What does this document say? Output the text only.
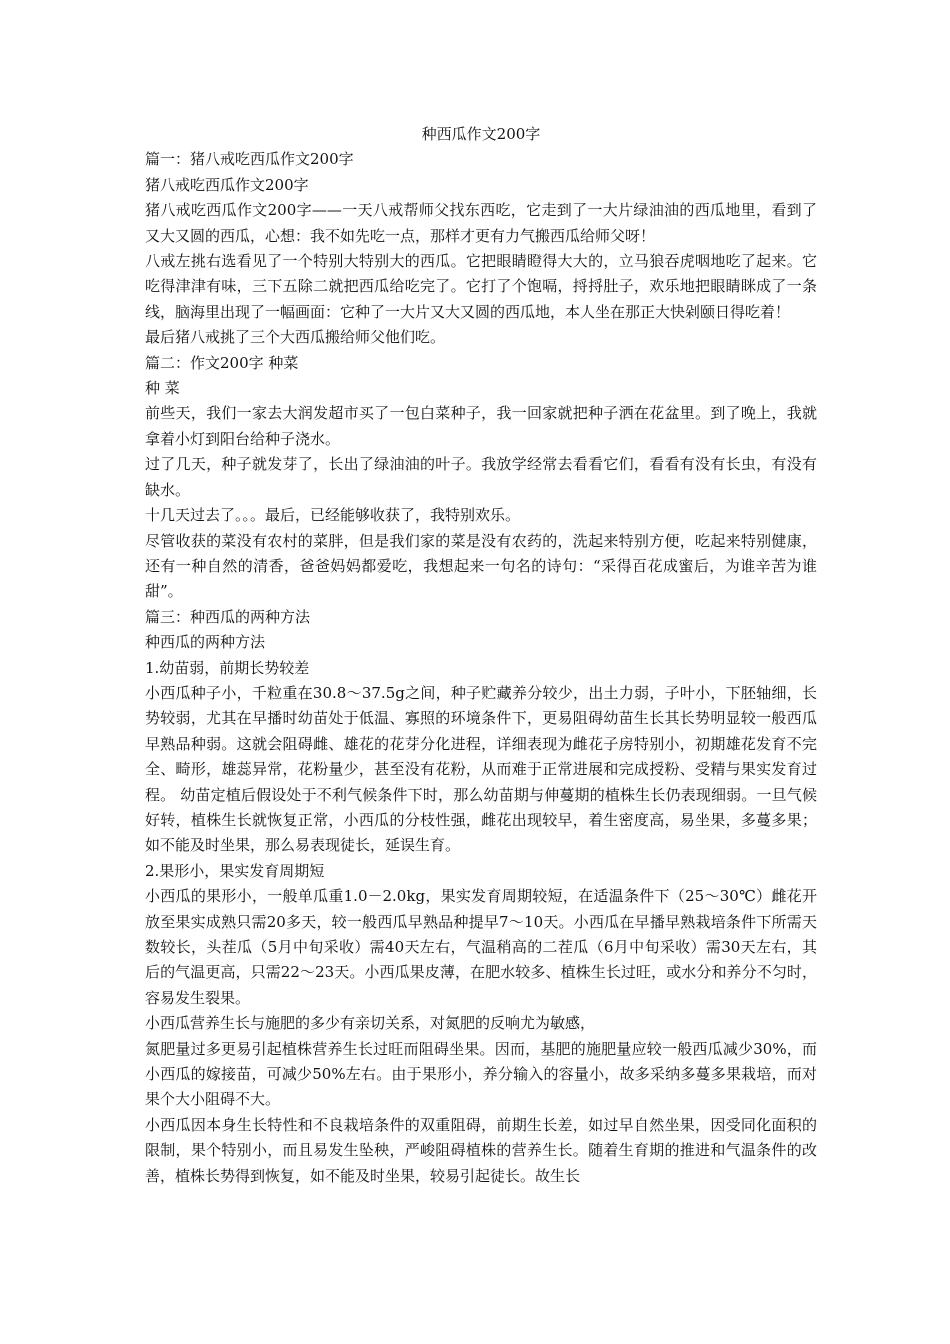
种西瓜作文200字

篇一：猪八戒吃西瓜作文200字

猪八戒吃西瓜作文200字

猪八戒吃西瓜作文200字——一天八戒帮师父找东西吃，它走到了一大片绿油油的西瓜地里，看到了又大又圆的西瓜，心想：我不如先吃一点，那样才更有力气搬西瓜给师父呀！

八戒左挑右选看见了一个特别大特别大的西瓜。它把眼睛瞪得大大的，立马狼吞虎咽地吃了起来。它吃得津津有味，三下五除二就把西瓜给吃完了。它打了个饱嗝，捋捋肚子，欢乐地把眼睛眯成了一条线，脑海里出现了一幅画面：它种了一大片又大又圆的西瓜地，本人坐在那正大快剁颐日得吃着！

最后猪八戒挑了三个大西瓜搬给师父他们吃。

篇二：作文200字 种菜

种 菜

前些天，我们一家去大润发超市买了一包白菜种子，我一回家就把种子洒在花盆里。到了晚上，我就拿着小灯到阳台给种子浇水。

过了几天，种子就发芽了，长出了绿油油的叶子。我放学经常去看看它们，看看有没有长虫，有没有缺水。

十几天过去了。。。最后，已经能够收获了，我特别欢乐。

尽管收获的菜没有农村的菜胖，但是我们家的菜是没有农药的，洗起来特别方便，吃起来特别健康，还有一种自然的清香，爸爸妈妈都爱吃，我想起来一句名的诗句：“采得百花成蜜后，为谁辛苦为谁甜”。

篇三：种西瓜的两种方法

种西瓜的两种方法

1.幼苗弱，前期长势较差

小西瓜种子小，千粒重在30.8～37.5g之间，种子贮藏养分较少，出土力弱，子叶小，下胚轴细，长势较弱，尤其在早播时幼苗处于低温、寡照的环境条件下，更易阻碍幼苗生长其长势明显较一般西瓜早熟品种弱。这就会阻碍雌、雄花的花芽分化进程，详细表现为雌花子房特别小，初期雄花发育不完全、畸形，雄蕊异常，花粉量少，甚至没有花粉，从而难于正常进展和完成授粉、受精与果实发育过程。 幼苗定植后假设处于不利气候条件下时，那么幼苗期与伸蔓期的植株生长仍表现细弱。一旦气候好转，植株生长就恢复正常，小西瓜的分枝性强，雌花出现较早，着生密度高，易坐果，多蔓多果；如不能及时坐果，那么易表现徒长，延误生育。

2.果形小，果实发育周期短

小西瓜的果形小，一般单瓜重1.0－2.0kg，果实发育周期较短，在适温条件下（25～30℃）雌花开放至果实成熟只需20多天，较一般西瓜早熟品种提早7～10天。小西瓜在早播早熟栽培条件下所需天数较长，头茬瓜（5月中旬采收）需40天左右，气温稍高的二茬瓜（6月中旬采收）需30天左右，其后的气温更高，只需22～23天。小西瓜果皮薄，在肥水较多、植株生长过旺，或水分和养分不匀时，容易发生裂果。

小西瓜营养生长与施肥的多少有亲切关系，对氮肥的反响尤为敏感，

氮肥量过多更易引起植株营养生长过旺而阻碍坐果。因而，基肥的施肥量应较一般西瓜减少30%，而小西瓜的嫁接苗，可减少50%左右。由于果形小，养分输入的容量小，故多采纳多蔓多果栽培，而对果个大小阻碍不大。

小西瓜因本身生长特性和不良栽培条件的双重阻碍，前期生长差，如过早自然坐果，因受同化面积的限制，果个特别小，而且易发生坠秧，严峻阻碍植株的营养生长。随着生育期的推进和气温条件的改善，植株长势得到恢复，如不能及时坐果，较易引起徒长。故生长
